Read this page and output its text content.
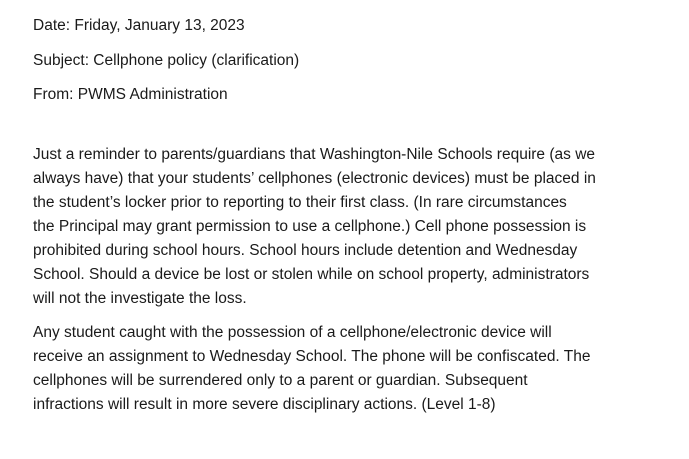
Date: Friday, January 13, 2023
Subject: Cellphone policy (clarification)
From: PWMS Administration

Just a reminder to parents/guardians that Washington-Nile Schools require (as we
always have) that your students’ cellphones (electronic devices) must be placed in
the student’s locker prior to reporting to their first class. (In rare circumstances
the Principal may grant permission to use a cellphone.) Cell phone possession is
prohibited during school hours. School hours include detention and Wednesday
School. Should a device be lost or stolen while on school property, administrators
will not the investigate the loss.

Any student caught with the possession of a cellphone/electronic device will
receive an assignment to Wednesday School. The phone will be confiscated. The
cellphones will be surrendered only to a parent or guardian. Subsequent
infractions will result in more severe disciplinary actions. (Level 1-8)
